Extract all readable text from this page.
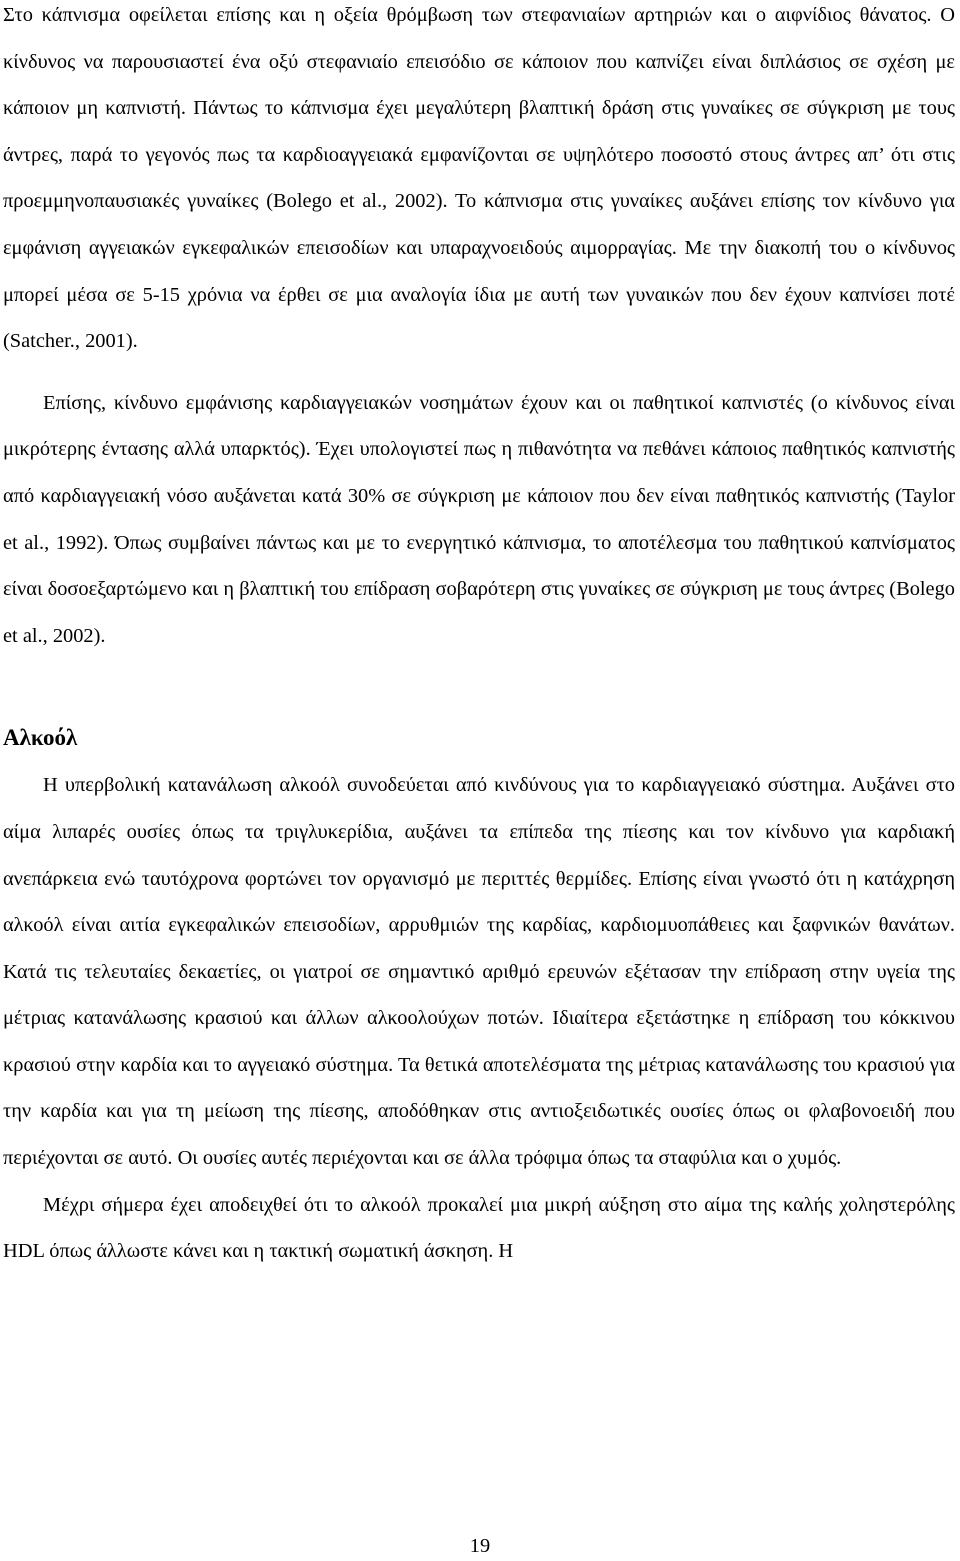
Στο κάπνισμα οφείλεται επίσης και η οξεία θρόμβωση των στεφανιαίων αρτηριών και ο αιφνίδιος θάνατος. Ο κίνδυνος να παρουσιαστεί ένα οξύ στεφανιαίο επεισόδιο σε κάποιον που καπνίζει είναι διπλάσιος σε σχέση με κάποιον μη καπνιστή. Πάντως το κάπνισμα έχει μεγαλύτερη βλαπτική δράση στις γυναίκες σε σύγκριση με τους άντρες, παρά το γεγονός πως τα καρδιοαγγειακά εμφανίζονται σε υψηλότερο ποσοστό στους άντρες απ’ ότι στις προεμμηνοπαυσιακές γυναίκες (Bolego et al., 2002). Το κάπνισμα στις γυναίκες αυξάνει επίσης τον κίνδυνο για εμφάνιση αγγειακών εγκεφαλικών επεισοδίων και υπαραχνοειδούς αιμορραγίας. Με την διακοπή του ο κίνδυνος μπορεί μέσα σε 5-15 χρόνια να έρθει σε μια αναλογία ίδια με αυτή των γυναικών που δεν έχουν καπνίσει ποτέ (Satcher., 2001).

Επίσης, κίνδυνο εμφάνισης καρδιαγγειακών νοσημάτων έχουν και οι παθητικοί καπνιστές (ο κίνδυνος είναι μικρότερης έντασης αλλά υπαρκτός). Έχει υπολογιστεί πως η πιθανότητα να πεθάνει κάποιος παθητικός καπνιστής από καρδιαγγειακή νόσο αυξάνεται κατά 30% σε σύγκριση με κάποιον που δεν είναι παθητικός καπνιστής (Taylor et al., 1992). Όπως συμβαίνει πάντως και με το ενεργητικό κάπνισμα, το αποτέλεσμα του παθητικού καπνίσματος είναι δοσοεξαρτώμενο και η βλαπτική του επίδραση σοβαρότερη στις γυναίκες σε σύγκριση με τους άντρες (Bolego et al., 2002).

Αλκοόλ

Η υπερβολική κατανάλωση αλκοόλ συνοδεύεται από κινδύνους για το καρδιαγγειακό σύστημα. Αυξάνει στο αίμα λιπαρές ουσίες όπως τα τριγλυκερίδια, αυξάνει τα επίπεδα της πίεσης και τον κίνδυνο για καρδιακή ανεπάρκεια ενώ ταυτόχρονα φορτώνει τον οργανισμό με περιττές θερμίδες. Επίσης είναι γνωστό ότι η κατάχρηση αλκοόλ είναι αιτία εγκεφαλικών επεισοδίων, αρρυθμιών της καρδίας, καρδιομυοπάθειες και ξαφνικών θανάτων. Κατά τις τελευταίες δεκαετίες, οι γιατροί σε σημαντικό αριθμό ερευνών εξέτασαν την επίδραση στην υγεία της μέτριας κατανάλωσης κρασιού και άλλων αλκοολούχων ποτών. Ιδιαίτερα εξετάστηκε η επίδραση του κόκκινου κρασιού στην καρδία και το αγγειακό σύστημα. Τα θετικά αποτελέσματα της μέτριας κατανάλωσης του κρασιού για την καρδία και για τη μείωση της πίεσης, αποδόθηκαν στις αντιοξειδωτικές ουσίες όπως οι φλαβονοειδή που περιέχονται σε αυτό. Οι ουσίες αυτές περιέχονται και σε άλλα τρόφιμα όπως τα σταφύλια και ο χυμός.

Μέχρι σήμερα έχει αποδειχθεί ότι το αλκοόλ προκαλεί μια μικρή αύξηση στο αίμα της καλής χοληστερόλης HDL όπως άλλωστε κάνει και η τακτική σωματική άσκηση. Η

19
